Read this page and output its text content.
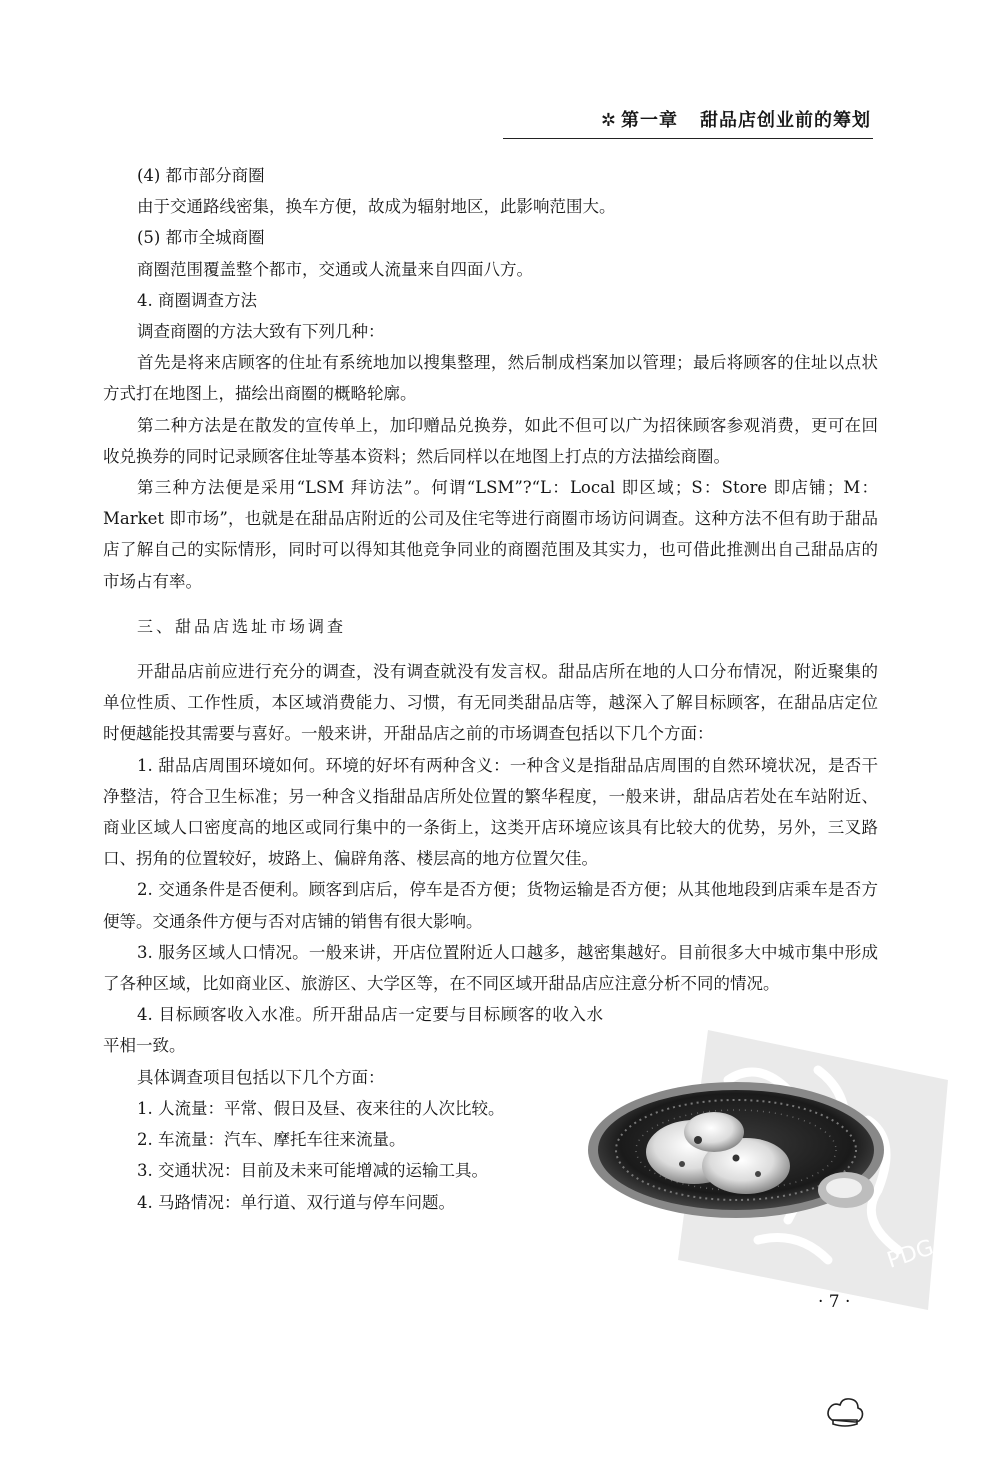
✲ 第一章 甜品店创业前的筹划

(4) 都市部分商圈

由于交通路线密集，换车方便，故成为辐射地区，此影响范围大。

(5) 都市全城商圈

商圈范围覆盖整个都市，交通或人流量来自四面八方。

4. 商圈调查方法

调查商圈的方法大致有下列几种：

首先是将来店顾客的住址有系统地加以搜集整理，然后制成档案加以管理；最后将顾客的住址以点状方式打在地图上，描绘出商圈的概略轮廓。

第二种方法是在散发的宣传单上，加印赠品兑换券，如此不但可以广为招徕顾客参观消费，更可在回收兑换券的同时记录顾客住址等基本资料；然后同样以在地图上打点的方法描绘商圈。

第三种方法便是采用“LSM 拜访法”。何谓“LSM”?“L：Local 即区域；S：Store 即店铺；M：Market 即市场”，也就是在甜品店附近的公司及住宅等进行商圈市场访问调查。这种方法不但有助于甜品店了解自己的实际情形，同时可以得知其他竞争同业的商圈范围及其实力，也可借此推测出自己甜品店的市场占有率。

三、甜品店选址市场调查

开甜品店前应进行充分的调查，没有调查就没有发言权。甜品店所在地的人口分布情况，附近聚集的单位性质、工作性质，本区域消费能力、习惯，有无同类甜品店等，越深入了解目标顾客，在甜品店定位时便越能投其需要与喜好。一般来讲，开甜品店之前的市场调查包括以下几个方面：

1. 甜品店周围环境如何。环境的好坏有两种含义：一种含义是指甜品店周围的自然环境状况，是否干净整洁，符合卫生标准；另一种含义指甜品店所处位置的繁华程度，一般来讲，甜品店若处在车站附近、商业区域人口密度高的地区或同行集中的一条街上，这类开店环境应该具有比较大的优势，另外，三叉路口、拐角的位置较好，坡路上、偏辟角落、楼层高的地方位置欠佳。

2. 交通条件是否便利。顾客到店后，停车是否方便；货物运输是否方便；从其他地段到店乘车是否方便等。交通条件方便与否对店铺的销售有很大影响。

3. 服务区域人口情况。一般来讲，开店位置附近人口越多，越密集越好。目前很多大中城市集中形成了各种区域，比如商业区、旅游区、大学区等，在不同区域开甜品店应注意分析不同的情况。

4. 目标顾客收入水准。所开甜品店一定要与目标顾客的收入水平相一致。

具体调查项目包括以下几个方面：

1. 人流量：平常、假日及昼、夜来往的人次比较。

2. 车流量：汽车、摩托车往来流量。

3. 交通状况：目前及未来可能增减的运输工具。

4. 马路情况：单行道、双行道与停车问题。

PDG
· 7 ·
